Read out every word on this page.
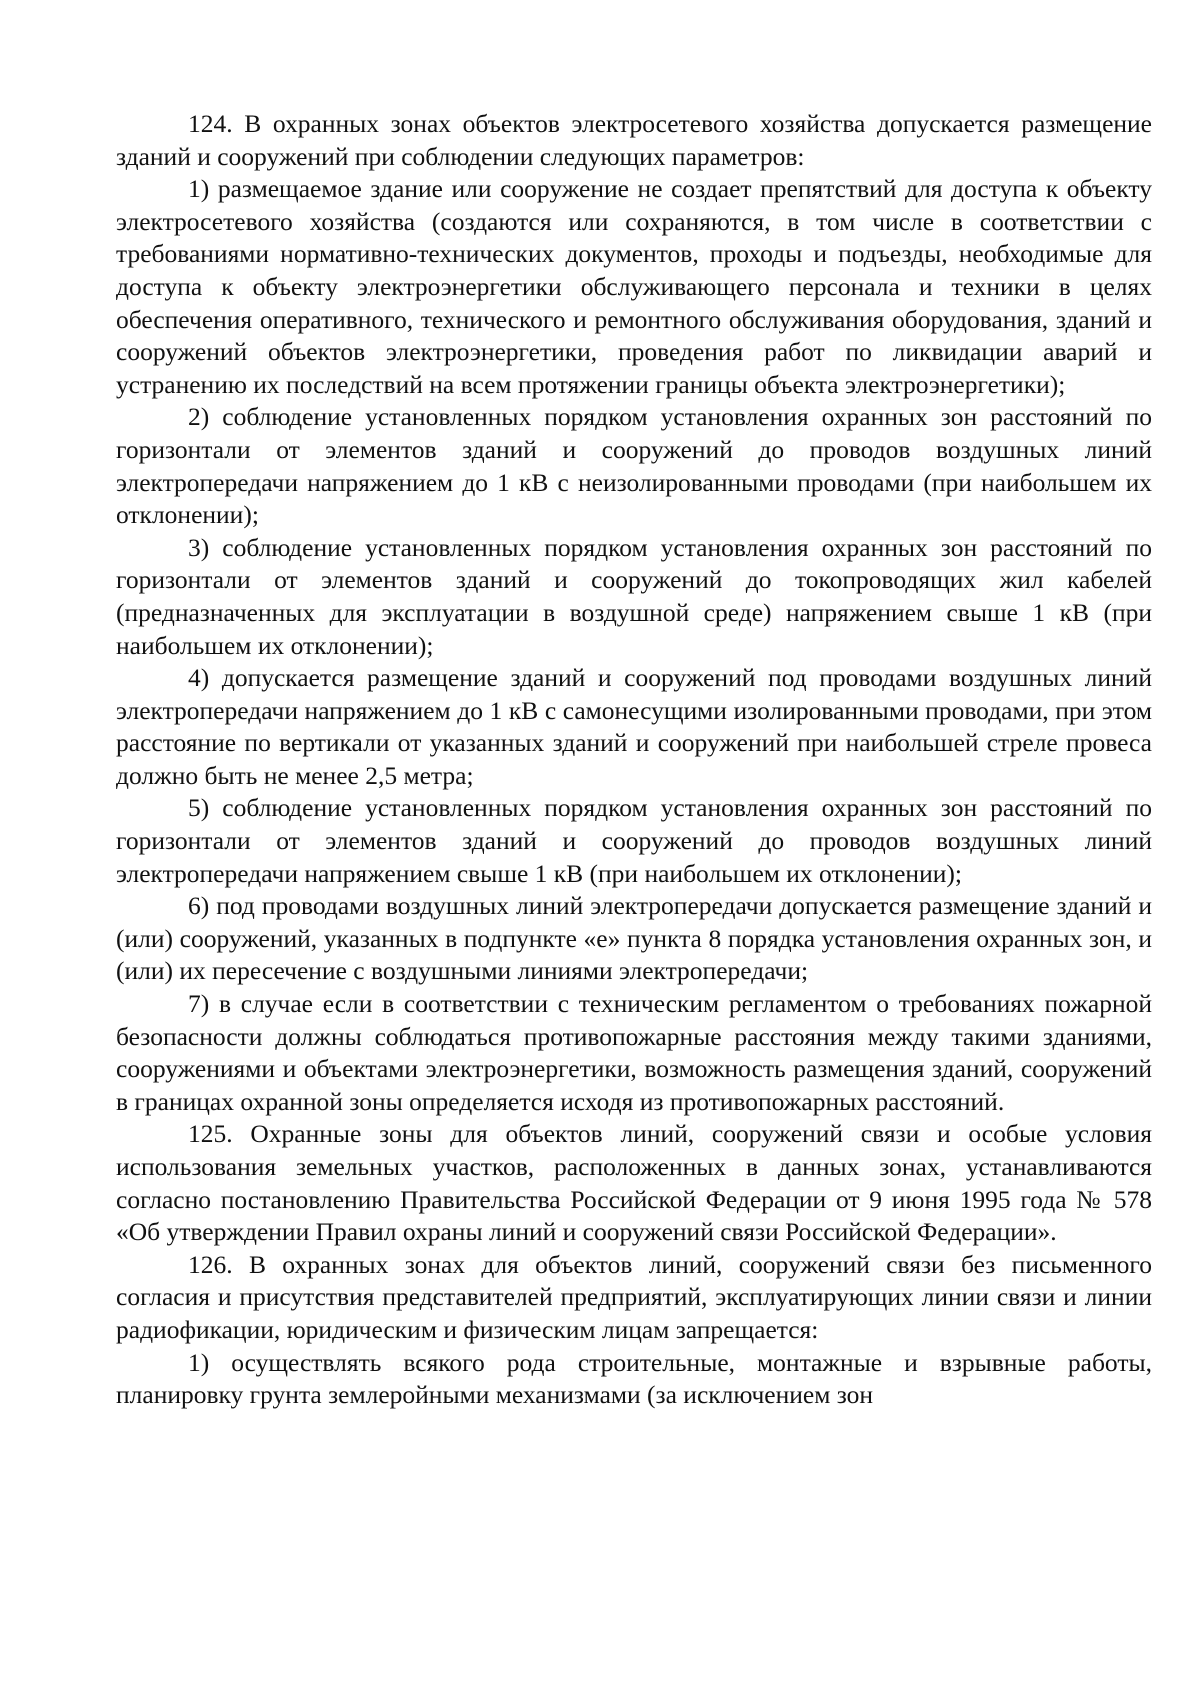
124. В охранных зонах объектов электросетевого хозяйства допускается размещение зданий и сооружений при соблюдении следующих параметров:

1) размещаемое здание или сооружение не создает препятствий для доступа к объекту электросетевого хозяйства (создаются или сохраняются, в том числе в соответствии с требованиями нормативно-технических документов, проходы и подъезды, необходимые для доступа к объекту электроэнергетики обслуживающего персонала и техники в целях обеспечения оперативного, технического и ремонтного обслуживания оборудования, зданий и сооружений объектов электроэнергетики, проведения работ по ликвидации аварий и устранению их последствий на всем протяжении границы объекта электроэнергетики);

2) соблюдение установленных порядком установления охранных зон расстояний по горизонтали от элементов зданий и сооружений до проводов воздушных линий электропередачи напряжением до 1 кВ с неизолированными проводами (при наибольшем их отклонении);

3) соблюдение установленных порядком установления охранных зон расстояний по горизонтали от элементов зданий и сооружений до токопроводящих жил кабелей (предназначенных для эксплуатации в воздушной среде) напряжением свыше 1 кВ (при наибольшем их отклонении);

4) допускается размещение зданий и сооружений под проводами воздушных линий электропередачи напряжением до 1 кВ с самонесущими изолированными проводами, при этом расстояние по вертикали от указанных зданий и сооружений при наибольшей стреле провеса должно быть не менее 2,5 метра;

5) соблюдение установленных порядком установления охранных зон расстояний по горизонтали от элементов зданий и сооружений до проводов воздушных линий электропередачи напряжением свыше 1 кВ (при наибольшем их отклонении);

6) под проводами воздушных линий электропередачи допускается размещение зданий и (или) сооружений, указанных в подпункте «е» пункта 8 порядка установления охранных зон, и (или) их пересечение с воздушными линиями электропередачи;

7) в случае если в соответствии с техническим регламентом о требованиях пожарной безопасности должны соблюдаться противопожарные расстояния между такими зданиями, сооружениями и объектами электроэнергетики, возможность размещения зданий, сооружений в границах охранной зоны определяется исходя из противопожарных расстояний.

125. Охранные зоны для объектов линий, сооружений связи и особые условия использования земельных участков, расположенных в данных зонах, устанавливаются согласно постановлению Правительства Российской Федерации от 9 июня 1995 года № 578 «Об утверждении Правил охраны линий и сооружений связи Российской Федерации».

126. В охранных зонах для объектов линий, сооружений связи без письменного согласия и присутствия представителей предприятий, эксплуатирующих линии связи и линии радиофикации, юридическим и физическим лицам запрещается:

1) осуществлять всякого рода строительные, монтажные и взрывные работы, планировку грунта землеройными механизмами (за исключением зон
